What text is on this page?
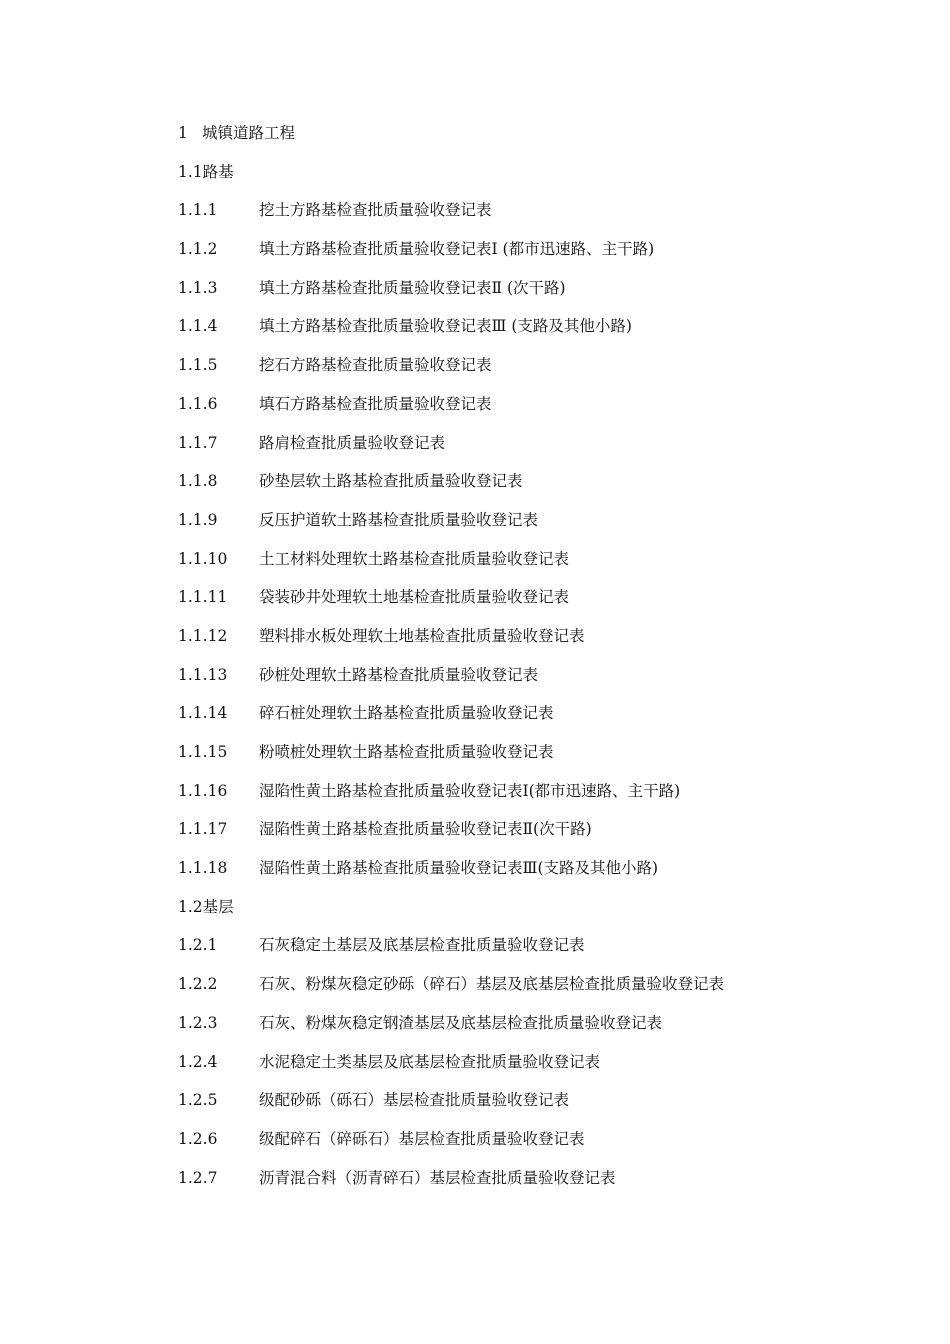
1 城镇道路工程
1.1路基
1.1.1	挖土方路基检查批质量验收登记表
1.1.2	填土方路基检查批质量验收登记表Ⅰ (都市迅速路、主干路)
1.1.3	填土方路基检查批质量验收登记表Ⅱ (次干路)
1.1.4	填土方路基检查批质量验收登记表Ⅲ (支路及其他小路)
1.1.5	挖石方路基检查批质量验收登记表
1.1.6	填石方路基检查批质量验收登记表
1.1.7	路肩检查批质量验收登记表
1.1.8	砂垫层软土路基检查批质量验收登记表
1.1.9	反压护道软土路基检查批质量验收登记表
1.1.10 土工材料处理软土路基检查批质量验收登记表
1.1.11 袋装砂井处理软土地基检查批质量验收登记表
1.1.12 塑料排水板处理软土地基检查批质量验收登记表
1.1.13 砂桩处理软土路基检查批质量验收登记表
1.1.14 碎石桩处理软土路基检查批质量验收登记表
1.1.15 粉喷桩处理软土路基检查批质量验收登记表
1.1.16 湿陷性黄土路基检查批质量验收登记表Ⅰ(都市迅速路、主干路)
1.1.17 湿陷性黄土路基检查批质量验收登记表Ⅱ(次干路)
1.1.18 湿陷性黄土路基检查批质量验收登记表Ⅲ(支路及其他小路)
1.2基层
1.2.1	石灰稳定土基层及底基层检查批质量验收登记表
1.2.2	石灰、粉煤灰稳定砂砾（碎石）基层及底基层检查批质量验收登记表
1.2.3	石灰、粉煤灰稳定钢渣基层及底基层检查批质量验收登记表
1.2.4	水泥稳定土类基层及底基层检查批质量验收登记表
1.2.5	级配砂砾（砾石）基层检查批质量验收登记表
1.2.6	级配碎石（碎砾石）基层检查批质量验收登记表
1.2.7	沥青混合料（沥青碎石）基层检查批质量验收登记表
